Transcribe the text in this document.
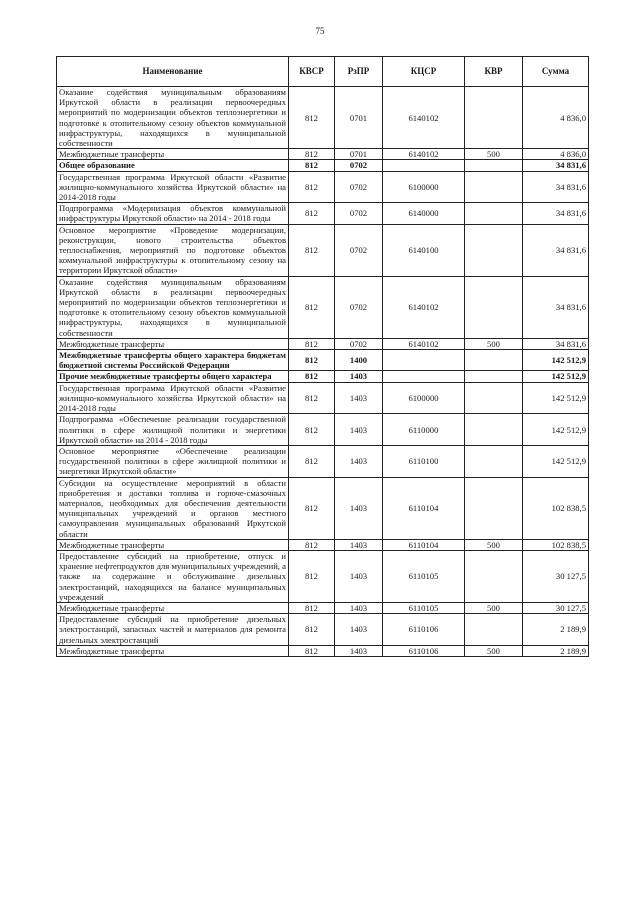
75
Наименование	КВСР	РзПР	КЦСР	КВР	Сумма
Оказание содействия муниципальным образованиям Иркутской области в реализации первоочередных мероприятий по модернизации объектов теплоэнергетики и подготовке к отопительному сезону объектов коммунальной инфраструктуры, находящихся в муниципальной собственности	812	0701	6140102		4 836,0
Межбюджетные трансферты	812	0701	6140102	500	4 836,0
Общее образование	812	0702			34 831,6
Государственная программа Иркутской области «Развитие жилищно-коммунального хозяйства Иркутской области» на 2014-2018 годы	812	0702	6100000		34 831,6
Подпрограмма «Модернизация объектов коммунальной инфраструктуры Иркутской области» на 2014 - 2018 годы	812	0702	6140000		34 831,6
Основное мероприятие «Проведение модернизации, реконструкции, нового строительства объектов теплоснабжения, мероприятий по подготовке объектов коммунальной инфраструктуры к отопительному сезону на территории Иркутской области»	812	0702	6140100		34 831,6
Оказание содействия муниципальным образованиям Иркутской области в реализации первоочередных мероприятий по модернизации объектов теплоэнергетики и подготовке к отопительному сезону объектов коммунальной инфраструктуры, находящихся в муниципальной собственности	812	0702	6140102		34 831,6
Межбюджетные трансферты	812	0702	6140102	500	34 831,6
Межбюджетные трансферты общего характера бюджетам бюджетной системы Российской Федерации	812	1400			142 512,9
Прочие межбюджетные трансферты общего характера	812	1403			142 512,9
Государственная программа Иркутской области «Развитие жилищно-коммунального хозяйства Иркутской области» на 2014-2018 годы	812	1403	6100000		142 512,9
Подпрограмма «Обеспечение реализации государственной политики в сфере жилищной политики и энергетики Иркутской области» на 2014 - 2018 годы	812	1403	6110000		142 512,9
Основное мероприятие «Обеспечение реализации государственной политики в сфере жилищной политики и энергетики Иркутской области»	812	1403	6110100		142 512,9
Субсидии на осуществление мероприятий в области приобретения и доставки топлива и горюче-смазочных материалов, необходимых для обеспечения деятельности муниципальных учреждений и органов местного самоуправления муниципальных образований Иркутской области	812	1403	6110104		102 838,5
Межбюджетные трансферты	812	1403	6110104	500	102 838,5
Предоставление субсидий на приобретение, отпуск и хранение нефтепродуктов для муниципальных учреждений, а также на содержание и обслуживание дизельных электростанций, находящихся на балансе муниципальных учреждений	812	1403	6110105		30 127,5
Межбюджетные трансферты	812	1403	6110105	500	30 127,5
Предоставление субсидий на приобретение дизельных электростанций, запасных частей и материалов для ремонта дизельных электростанций	812	1403	6110106		2 189,9
Межбюджетные трансферты	812	1403	6110106	500	2 189,9
